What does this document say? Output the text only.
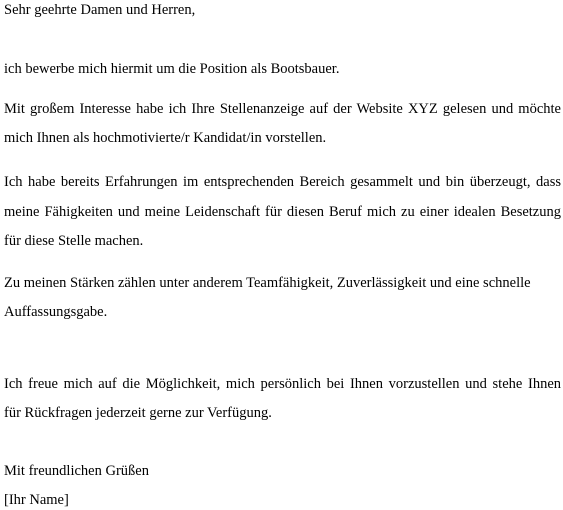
Sehr geehrte Damen und Herren,
ich bewerbe mich hiermit um die Position als Bootsbauer.
Mit großem Interesse habe ich Ihre Stellenanzeige auf der Website XYZ gelesen und möchte
mich Ihnen als hochmotivierte/r Kandidat/in vorstellen.
Ich habe bereits Erfahrungen im entsprechenden Bereich gesammelt und bin überzeugt, dass
meine Fähigkeiten und meine Leidenschaft für diesen Beruf mich zu einer idealen Besetzung
für diese Stelle machen.
Zu meinen Stärken zählen unter anderem Teamfähigkeit, Zuverlässigkeit und eine schnelle
Auffassungsgabe.
Ich freue mich auf die Möglichkeit, mich persönlich bei Ihnen vorzustellen und stehe Ihnen
für Rückfragen jederzeit gerne zur Verfügung.
Mit freundlichen Grüßen
[Ihr Name]
